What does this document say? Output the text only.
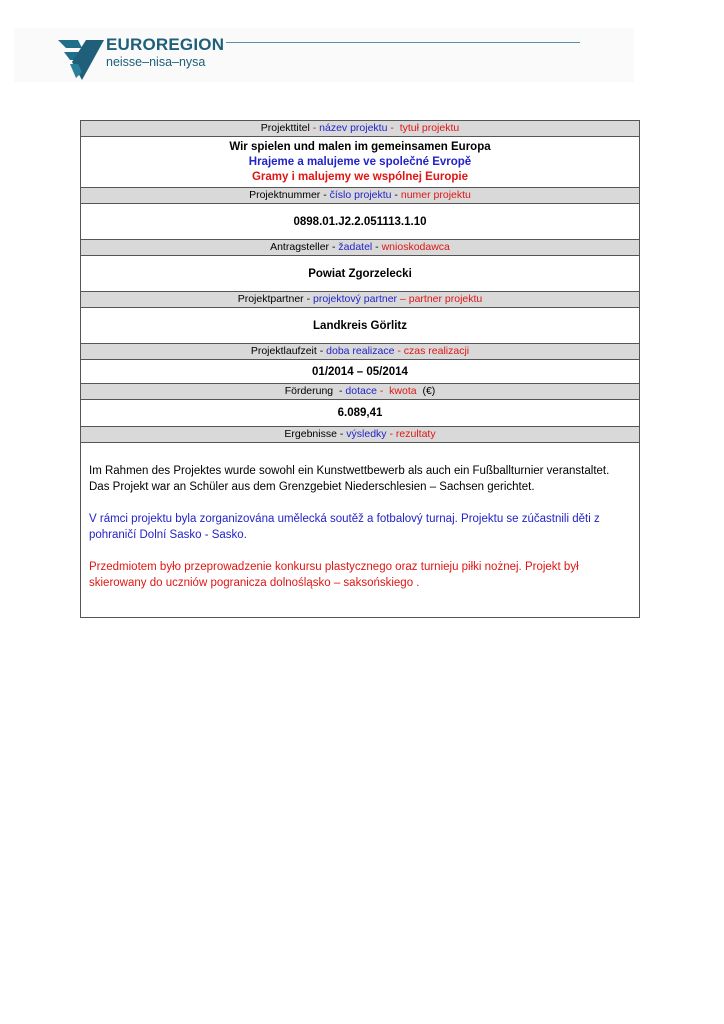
EUROREGION
neisse–nisa–nysa
Projekttitel - název projektu -  tytuł projektu
Wir spielen und malen im gemeinsamen Europa
Hrajeme a malujeme ve společné Evropě
Gramy i malujemy we wspólnej Europie
Projektnummer - číslo projektu - numer projektu
0898.01.J2.2.051113.1.10
Antragsteller - žadatel - wnioskodawca
Powiat Zgorzelecki
Projektpartner - projektový partner – partner projektu
Landkreis Görlitz
Projektlaufzeit - doba realizace - czas realizacji
01/2014 – 05/2014
Förderung  - dotace -  kwota (€)
6.089,41
Ergebnisse - výsledky - rezultaty

Im Rahmen des Projektes wurde sowohl ein Kunstwettbewerb als auch ein Fußballturnier veranstaltet. Das Projekt war an Schüler aus dem Grenzgebiet Niederschlesien – Sachsen gerichtet.

V rámci projektu byla zorganizována umělecká soutěž a fotbalový turnaj. Projektu se zúčastnili děti z pohraničí Dolní Sasko - Sasko.

Przedmiotem było przeprowadzenie konkursu plastycznego oraz turnieju piłki nożnej. Projekt był skierowany do uczniów pogranicza dolnośląsko – saksońskiego .
